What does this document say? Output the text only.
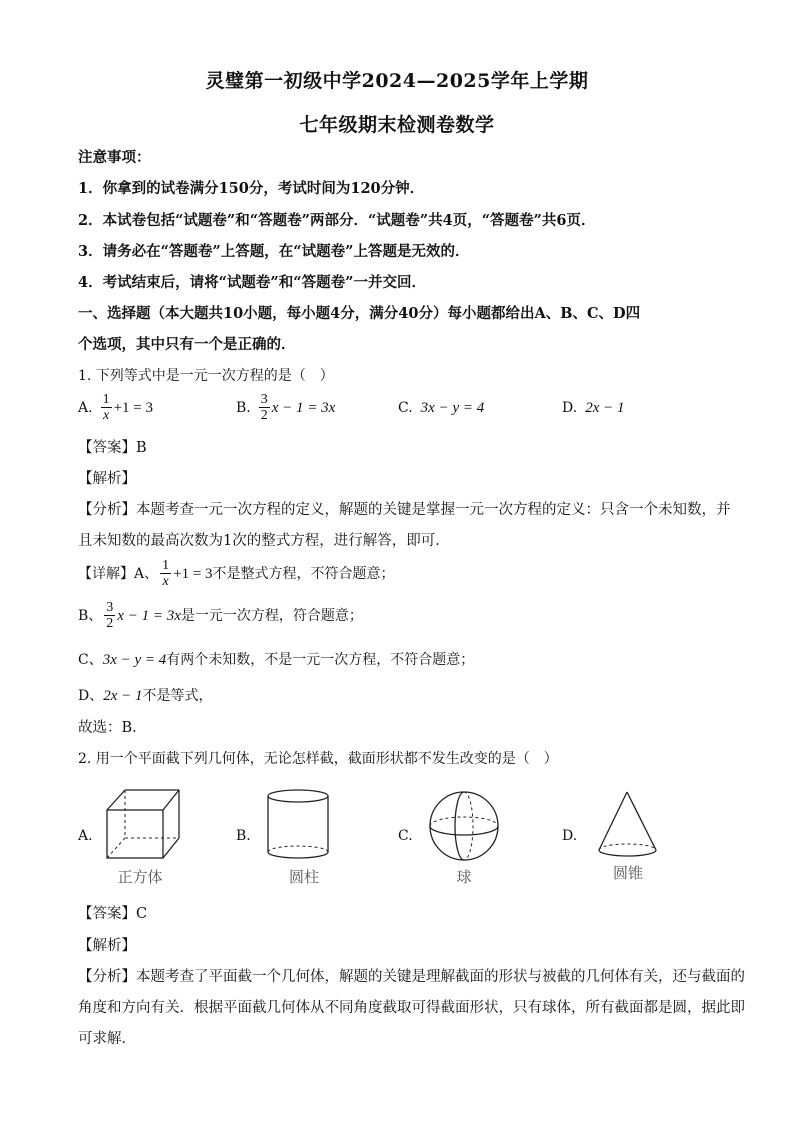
灵璧第一初级中学2024—2025学年上学期
七年级期末检测卷数学
注意事项：
1．你拿到的试卷满分150分，考试时间为120分钟．
2．本试卷包括“试题卷”和“答题卷”两部分．“试题卷”共4页，“答题卷”共6页．
3．请务必在“答题卷”上答题，在“试题卷”上答题是无效的．
4．考试结束后，请将“试题卷”和“答题卷”一并交回．
一、选择题（本大题共10小题，每小题4分，满分40分）每小题都给出A、B、C、D四
个选项，其中只有一个是正确的．
1. 下列等式中是一元一次方程的是（　）
A. $\frac{1}{x} +1 = 3$	B. $\frac{3}{2}$ x − 1 = 3x	C. 3x − y = 4	D. 2x − 1
【答案】B
【解析】
【分析】本题考查一元一次方程的定义，解题的关键是掌握一元一次方程的定义：只含一个未知数，并
且未知数的最高次数为1次的整式方程，进行解答，即可．
【详解】A、 $\frac{1}{x} +1 = 3$ 不是整式方程，不符合题意；
B、 $\frac{3}{2}$ x − 1 = 3x 是一元一次方程，符合题意；
C、 3x − y = 4 有两个未知数，不是一元一次方程，不符合题意；
D、 2x − 1 不是等式，
故选：B．
2. 用一个平面截下列几何体，无论怎样截，截面形状都不发生改变的是（　）
A.	B.	C.	D.
正方体	圆柱	球	圆锥
【答案】C
【解析】
【分析】本题考查了平面截一个几何体，解题的关键是理解截面的形状与被截的几何体有关，还与截面的
角度和方向有关．根据平面截几何体从不同角度截取可得截面形状，只有球体，所有截面都是圆，据此即
可求解．
